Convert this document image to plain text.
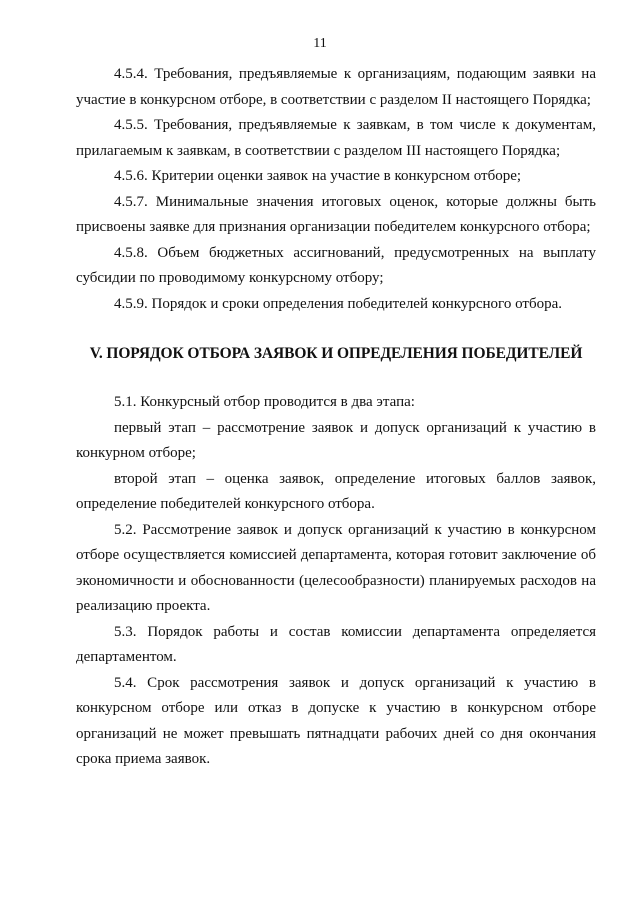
11

4.5.4. Требования, предъявляемые к организациям, подающим заявки на участие в конкурсном отборе, в соответствии с разделом II настоящего Порядка;

4.5.5. Требования, предъявляемые к заявкам, в том числе к документам, прилагаемым к заявкам, в соответствии с разделом III настоящего Порядка;

4.5.6. Критерии оценки заявок на участие в конкурсном отборе;

4.5.7. Минимальные значения итоговых оценок, которые должны быть присвоены заявке для признания организации победителем конкурсного отбора;

4.5.8. Объем бюджетных ассигнований, предусмотренных на выплату субсидии по проводимому конкурсному отбору;

4.5.9. Порядок и сроки определения победителей конкурсного отбора.

V. ПОРЯДОК ОТБОРА ЗАЯВОК И ОПРЕДЕЛЕНИЯ ПОБЕДИТЕЛЕЙ

5.1. Конкурсный отбор проводится в два этапа:

первый этап – рассмотрение заявок и допуск организаций к участию в конкурном отборе;

второй этап – оценка заявок, определение итоговых баллов заявок, определение победителей конкурсного отбора.

5.2. Рассмотрение заявок и допуск организаций к участию в конкурсном отборе осуществляется комиссией департамента, которая готовит заключение об экономичности и обоснованности (целесообразности) планируемых расходов на реализацию проекта.

5.3. Порядок работы и состав комиссии департамента определяется департаментом.

5.4. Срок рассмотрения заявок и допуск организаций к участию в конкурсном отборе или отказ в допуске к участию в конкурсном отборе организаций не может превышать пятнадцати рабочих дней со дня окончания срока приема заявок.
